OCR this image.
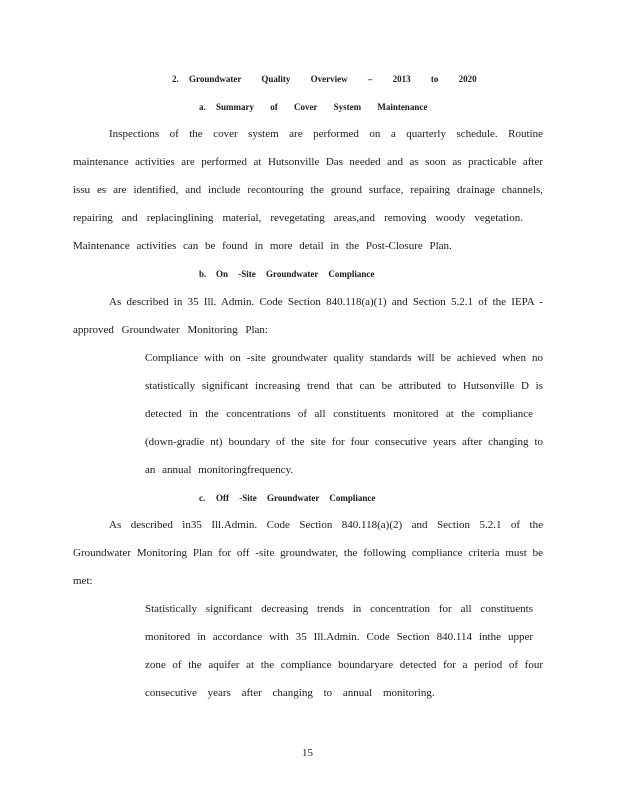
2. Groundwater Quality Overview – 2013 to 2020
a. Summary of Cover System Maintenance
Inspections of the cover system are performed on a quarterly schedule. Routine
maintenance activities are performed at Hutsonville Das needed and as soon as practicable after
issu es are identified, and include recontouring the ground surface, repairing drainage channels,
repairing and replacinglining material, revegetating areas,and removing woody vegetation.
Maintenance activities can be found in more detail in the Post-Closure Plan.
b. On -Site Groundwater Compliance
As described in 35 Ill. Admin. Code Section 840.118(a)(1) and Section 5.2.1 of the IEPA -
approved Groundwater Monitoring Plan:
Compliance with on -site groundwater quality standards will be achieved when no
statistically significant increasing trend that can be attributed to Hutsonville D is
detected in the concentrations of all constituents monitored at the compliance
(down-gradie nt) boundary of the site for four consecutive years after changing to
an annual monitoringfrequency.
c. Off -Site Groundwater Compliance
As described in35 Ill.Admin. Code Section 840.118(a)(2) and Section 5.2.1 of the
Groundwater Monitoring Plan for off -site groundwater, the following compliance criteria must be
met:
Statistically significant decreasing trends in concentration for all constituents
monitored in accordance with 35 Ill.Admin. Code Section 840.114 inthe upper
zone of the aquifer at the compliance boundaryare detected for a period of four
consecutive years after changing to annual monitoring.
15
